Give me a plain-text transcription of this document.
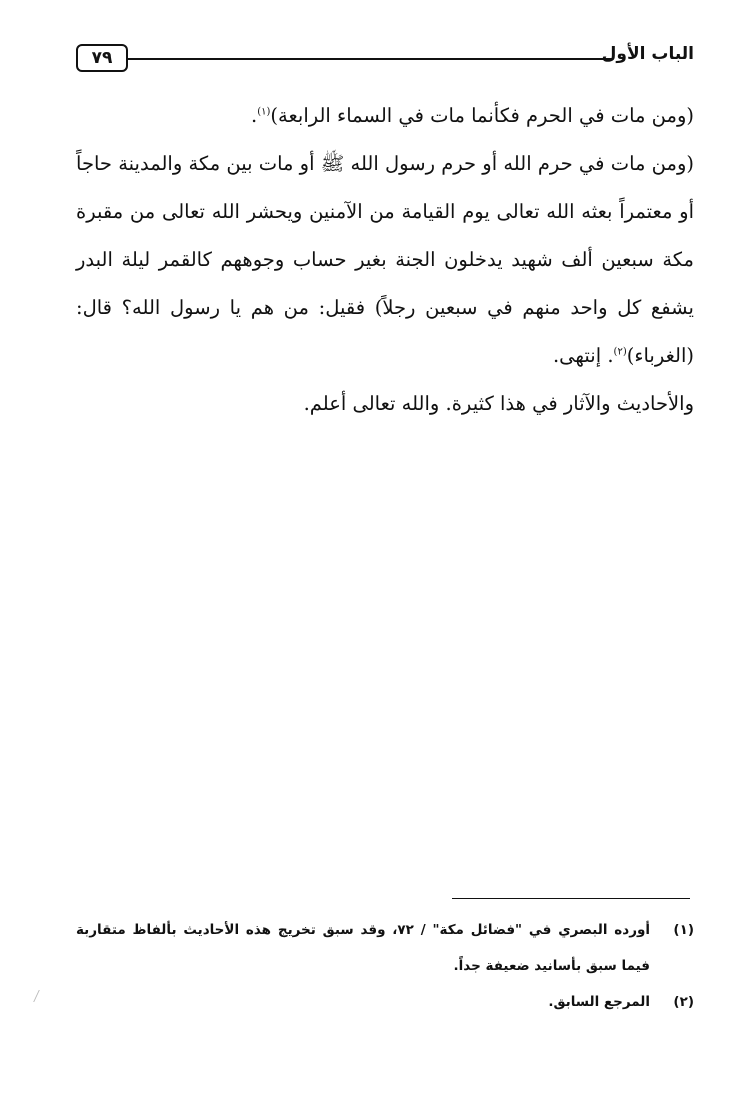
٧٩	الباب الأول

(ومن مات في الحرم فكأنما مات في السماء الرابعة)$^{(١)}$.

(ومن مات في حرم الله أو حرم رسول الله ﷺ أو مات بين مكة والمدينة حاجاً أو معتمراً بعثه الله تعالى يوم القيامة من الآمنين ويحشر الله تعالى من مقبرة مكة سبعين ألف شهيد يدخلون الجنة بغير حساب وجوههم كالقمر ليلة البدر يشفع كل واحد منهم في سبعين رجلاً) فقيل: من هم يا رسول الله؟ قال: (الغرباء)$^{(٢)}$. إنتهى.

والأحاديث والآثار في هذا كثيرة. والله تعالى أعلم.

(١)
أورده البصري في "فضائل مكة" / ٧٢، وقد سبق تخريج هذه الأحاديث بألفاظ متقاربة فيما سبق بأسانيد ضعيفة جداً.
(٢)
المرجع السابق.
